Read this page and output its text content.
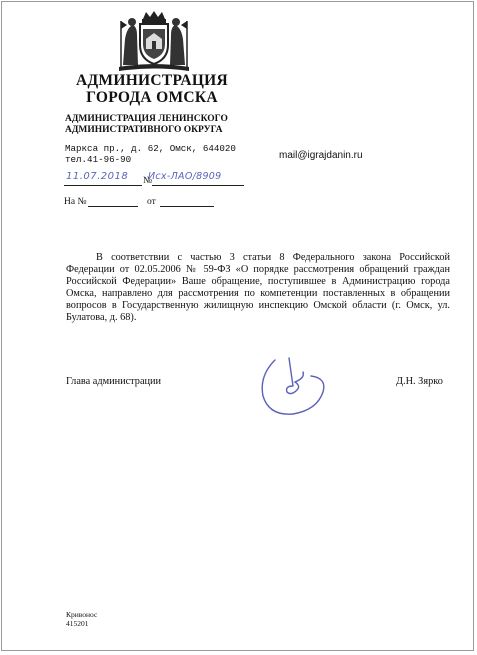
АДМИНИСТРАЦИЯ
ГОРОДА ОМСКА
АДМИНИСТРАЦИЯ ЛЕНИНСКОГО
АДМИНИСТРАТИВНОГО ОКРУГА
Маркса пр., д. 62, Омск, 644020
тел.41-96-90	mail@igrajdanin.ru
11.07.2018 №
Исх-ЛАО/8909
На №	от
В соответствии с частью 3 статьи 8 Федерального закона Российской Федерации от 02.05.2006 № 59-ФЗ «О порядке рассмотрения обращений граждан Российской Федерации» Ваше обращение, поступившее в Администрацию города Омска, направлено для рассмотрения по компетенции поставленных в обращении вопросов в Государственную жилищную инспекцию Омской области (г. Омск, ул. Булатова, д. 68).
Глава администрации	Д.Н. Зярко
Кривонос
415201
